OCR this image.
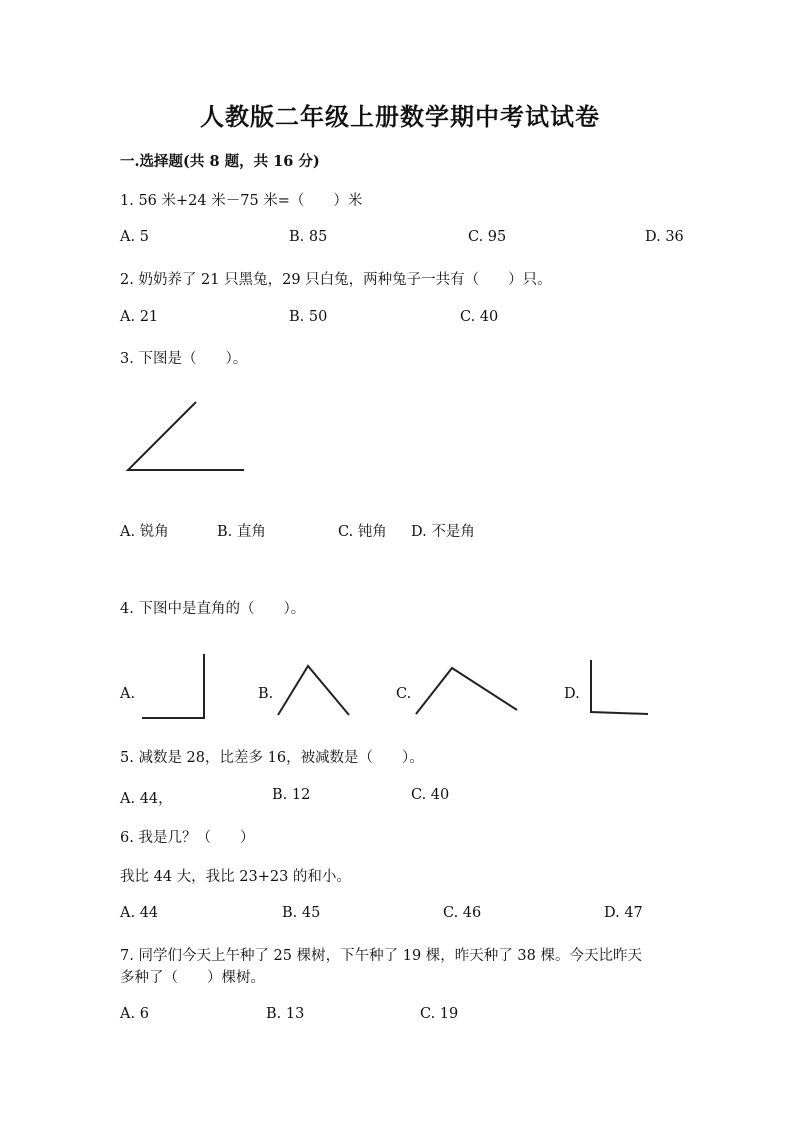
人教版二年级上册数学期中考试试卷
一.选择题(共 8 题，共 16 分)
1. 56 米+24 米－75 米=（　　）米
A. 5	B. 85	C. 95	D. 36
2. 奶奶养了 21 只黑兔，29 只白兔，两种兔子一共有（　　）只。
A. 21	B. 50	C. 40
3. 下图是（　　）。
A. 锐角	B. 直角	C. 钝角 D. 不是角
4. 下图中是直角的（　　）。
A.	B.	C.	D.
5. 减数是 28，比差多 16，被减数是（　　）。
A. 44，	B. 12	C. 40
6. 我是几？（　　）
我比 44 大，我比 23+23 的和小。
A. 44	B. 45	C. 46	D. 47
7. 同学们今天上午种了 25 棵树，下午种了 19 棵，昨天种了 38 棵。今天比昨天
多种了（　　）棵树。
A. 6	B. 13	C. 19
